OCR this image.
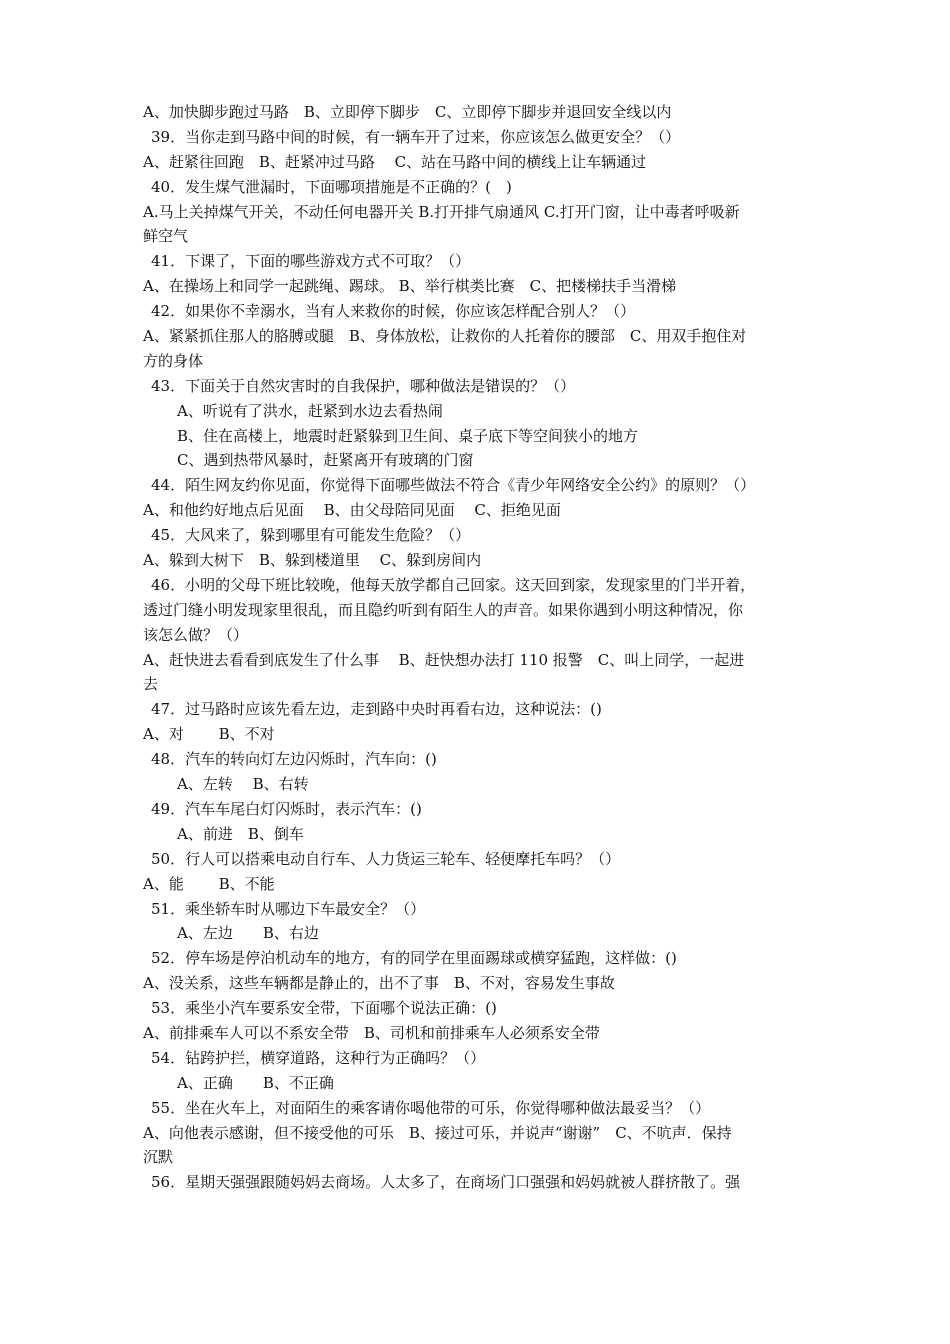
A、加快脚步跑过马路　B、立即停下脚步　C、立即停下脚步并退回安全线以内
39．当你走到马路中间的时候，有一辆车开了过来，你应该怎么做更安全？（）
A、赶紧往回跑　B、赶紧冲过马路　 C、站在马路中间的横线上让车辆通过
40．发生煤气泄漏时，下面哪项措施是不正确的？(　)
A.马上关掉煤气开关，不动任何电器开关 B.打开排气扇通风 C.打开门窗，让中毒者呼吸新
鲜空气
41．下课了，下面的哪些游戏方式不可取？（）
A、在操场上和同学一起跳绳、踢球。 B、举行棋类比赛　C、把楼梯扶手当滑梯
42．如果你不幸溺水，当有人来救你的时候，你应该怎样配合别人？（）
A、紧紧抓住那人的胳膊或腿　B、身体放松，让救你的人托着你的腰部　C、用双手抱住对
方的身体
43．下面关于自然灾害时的自我保护，哪种做法是错误的？（）
A、听说有了洪水，赶紧到水边去看热闹
B、住在高楼上，地震时赶紧躲到卫生间、桌子底下等空间狭小的地方
C、遇到热带风暴时，赶紧离开有玻璃的门窗
44．陌生网友约你见面，你觉得下面哪些做法不符合《青少年网络安全公约》的原则？（）
A、和他约好地点后见面　 B、由父母陪同见面　 C、拒绝见面
45．大风来了，躲到哪里有可能发生危险？（）
A、躲到大树下　B、躲到楼道里　 C、躲到房间内
46．小明的父母下班比较晚，他每天放学都自己回家。这天回到家，发现家里的门半开着，
透过门缝小明发现家里很乱，而且隐约听到有陌生人的声音。如果你遇到小明这种情况，你
该怎么做？（）
A、赶快进去看看到底发生了什么事　 B、赶快想办法打 110 报警　C、叫上同学，一起进
去
47．过马路时应该先看左边，走到路中央时再看右边，这种说法：()
A、对　　 B、不对
48．汽车的转向灯左边闪烁时，汽车向：()
A、左转　 B、右转
49．汽车车尾白灯闪烁时，表示汽车：()
A、前进　B、倒车
50．行人可以搭乘电动自行车、人力货运三轮车、轻便摩托车吗？（）
A、能　　 B、不能
51．乘坐轿车时从哪边下车最安全？（）
A、左边　　B、右边
52．停车场是停泊机动车的地方，有的同学在里面踢球或横穿猛跑，这样做：()
A、没关系，这些车辆都是静止的，出不了事　B、不对，容易发生事故
53．乘坐小汽车要系安全带，下面哪个说法正确：()
A、前排乘车人可以不系安全带　B、司机和前排乘车人必须系安全带
54．钻跨护拦，横穿道路，这种行为正确吗？（）
A、正确　　B、不正确
55．坐在火车上，对面陌生的乘客请你喝他带的可乐，你觉得哪种做法最妥当？（）
A、向他表示感谢，但不接受他的可乐　B、接过可乐，并说声“谢谢”　C、不吭声．保持
沉默
56．星期天强强跟随妈妈去商场。人太多了，在商场门口强强和妈妈就被人群挤散了。强
